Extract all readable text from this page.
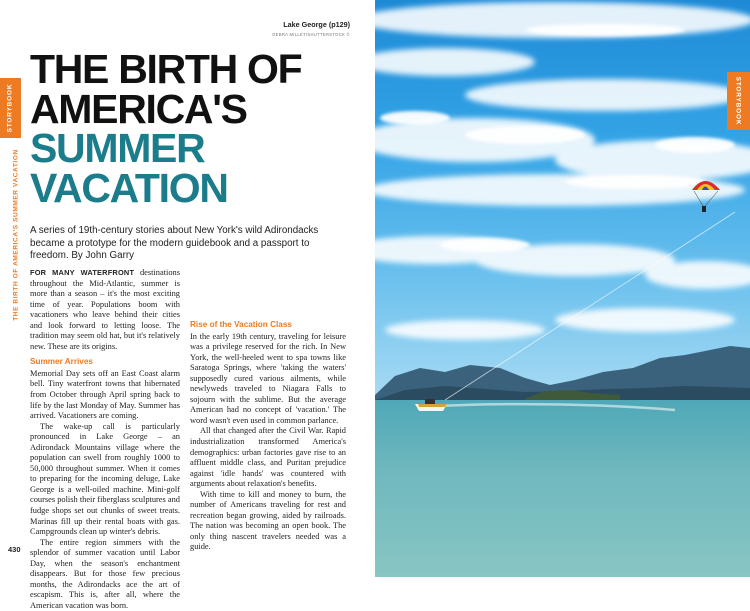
STORYBOOK
THE BIRTH OF AMERICA'S SUMMER VACATION
Lake George (p129)
DEBRA MILLET/SHUTTERSTOCK ©
THE BIRTH OF
AMERICA'S
SUMMER
VACATION

A series of 19th-century stories about New York's wild Adirondacks became a prototype for the modern guidebook and a passport to freedom. By John Garry

FOR MANY WATERFRONT destinations throughout the Mid-Atlantic, summer is more than a season – it's the most exciting time of year. Populations boom with vacationers who leave behind their cities and look forward to letting loose. The tradition may seem old hat, but it's relatively new. These are its origins.

Summer Arrives

Memorial Day sets off an East Coast alarm bell. Tiny waterfront towns that hibernated from October through April spring back to life by the last Monday of May. Summer has arrived. Vacationers are coming.

The wake-up call is particularly pronounced in Lake George – an Adirondack Mountains village where the population can swell from roughly 1000 to 50,000 throughout summer. When it comes to preparing for the incoming deluge, Lake George is a well-oiled machine. Mini-golf courses polish their fiberglass sculptures and fudge shops set out chunks of sweet treats. Marinas fill up their rental boats with gas. Campgrounds clean up winter's debris.

The entire region simmers with the splendor of summer vacation until Labor Day, when the season's enchantment disappears. But for those few precious months, the Adirondacks ace the art of escapism. This is, after all, where the American vacation was born.

Rise of the Vacation Class

In the early 19th century, traveling for leisure was a privilege reserved for the rich. In New York, the well-heeled went to spa towns like Saratoga Springs, where 'taking the waters' supposedly cured various ailments, while newlyweds traveled to Niagara Falls to sojourn with the sublime. But the average American had no concept of 'vacation.' The word wasn't even used in common parlance.

All that changed after the Civil War. Rapid industrialization transformed America's demographics: urban factories gave rise to an affluent middle class, and Puritan prejudice against 'idle hands' was countered with arguments about relaxation's benefits.

With time to kill and money to burn, the number of Americans traveling for rest and recreation began growing, aided by railroads. The nation was becoming an open book. The only thing nascent travelers needed was a guide.

430
STORYBOOK
